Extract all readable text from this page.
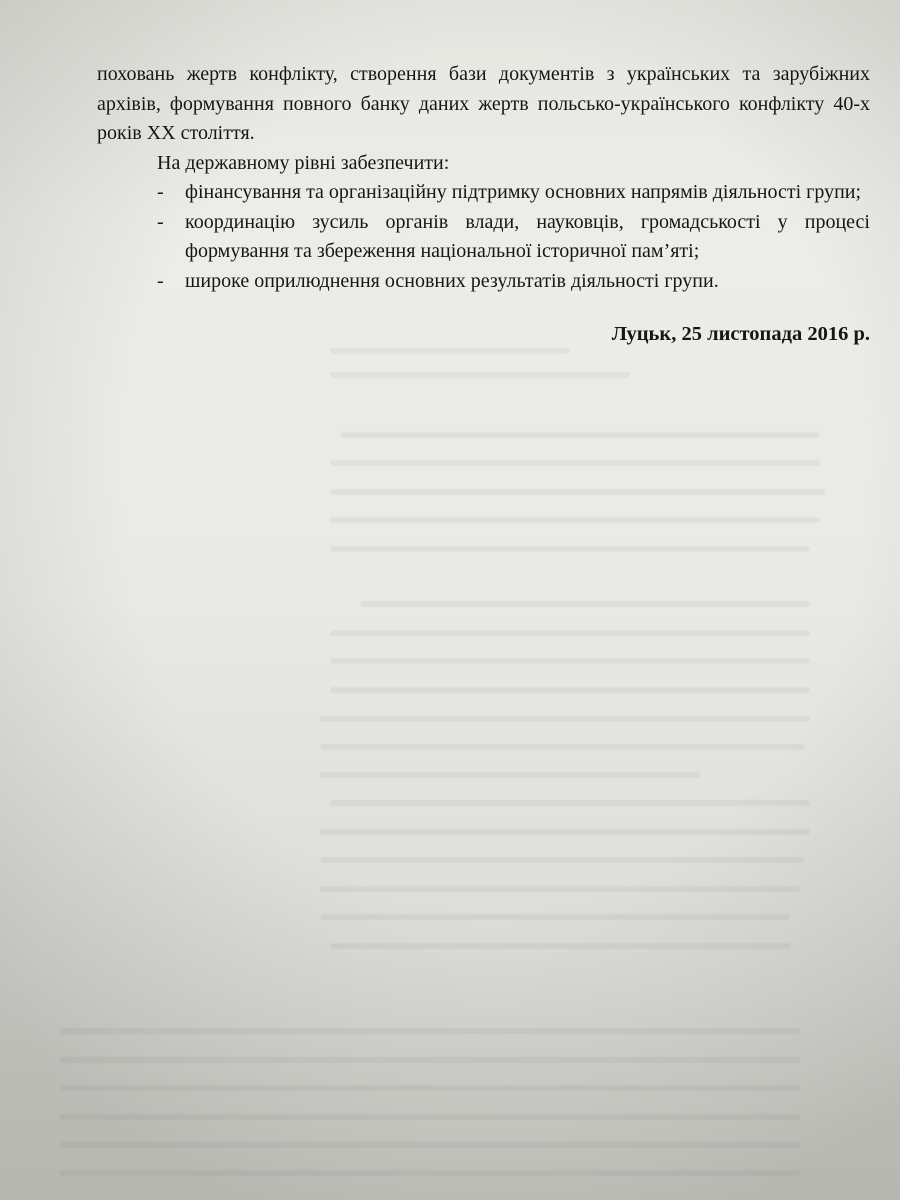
поховань жертв конфлікту, створення бази документів з українських та зарубіжних архівів, формування повного банку даних жертв польсько-українського конфлікту 40-х років XX століття.

На державному рівні забезпечити:

- фінансування та організаційну підтримку основних напрямів діяльності групи;
- координацію зусиль органів влади, науковців, громадськості у процесі формування та збереження національної історичної пам’яті;
- широке оприлюднення основних результатів діяльності групи.

Луцьк, 25 листопада 2016 р.
